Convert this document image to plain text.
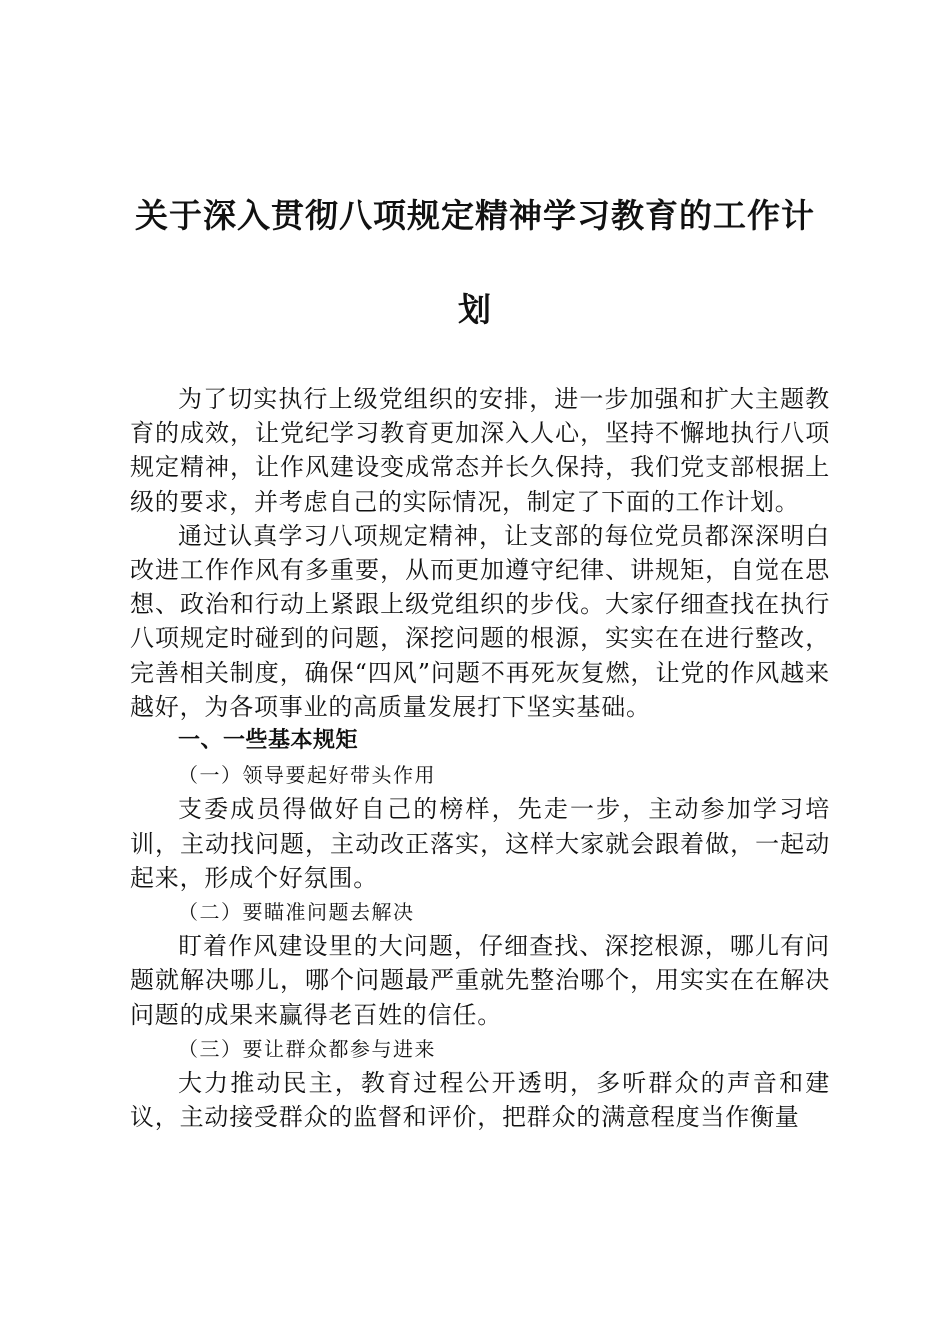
关于深入贯彻八项规定精神学习教育的工作计
划

为了切实执行上级党组织的安排，进一步加强和扩大主题教育的成效，让党纪学习教育更加深入人心，坚持不懈地执行八项规定精神，让作风建设变成常态并长久保持，我们党支部根据上级的要求，并考虑自己的实际情况，制定了下面的工作计划。

通过认真学习八项规定精神，让支部的每位党员都深深明白改进工作作风有多重要，从而更加遵守纪律、讲规矩，自觉在思想、政治和行动上紧跟上级党组织的步伐。大家仔细查找在执行八项规定时碰到的问题，深挖问题的根源，实实在在进行整改，完善相关制度，确保“四风”问题不再死灰复燃，让党的作风越来越好，为各项事业的高质量发展打下坚实基础。

一、一些基本规矩

（一）领导要起好带头作用

支委成员得做好自己的榜样，先走一步，主动参加学习培训，主动找问题，主动改正落实，这样大家就会跟着做，一起动起来，形成个好氛围。

（二）要瞄准问题去解决

盯着作风建设里的大问题，仔细查找、深挖根源，哪儿有问题就解决哪儿，哪个问题最严重就先整治哪个，用实实在在解决问题的成果来赢得老百姓的信任。

（三）要让群众都参与进来

大力推动民主，教育过程公开透明，多听群众的声音和建议，主动接受群众的监督和评价，把群众的满意程度当作衡量
